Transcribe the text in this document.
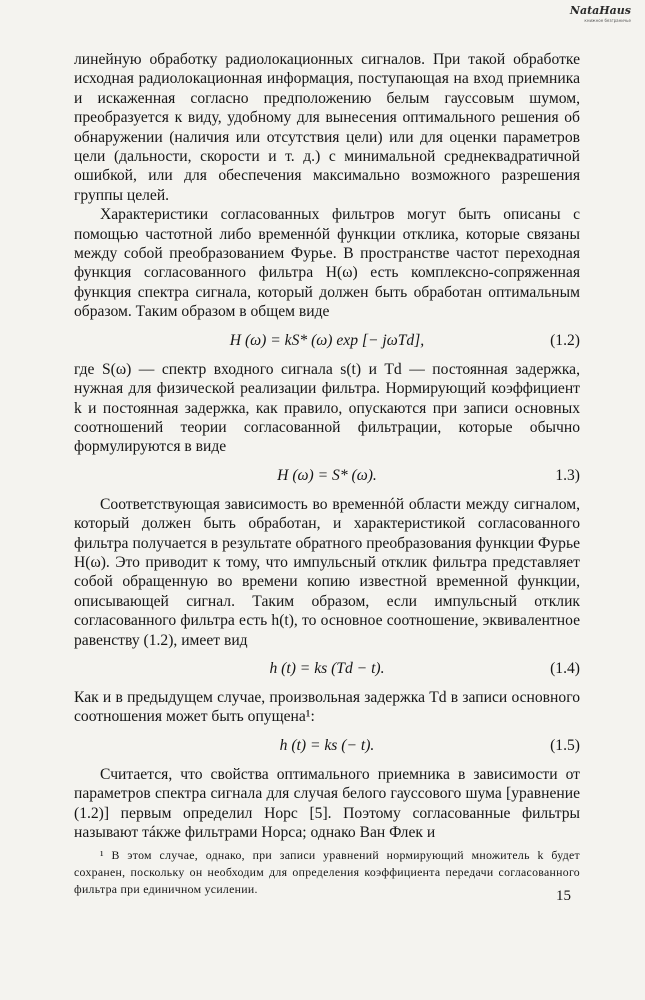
NataHaus
книжное безграничье

линейную обработку радиолокационных сигналов. При такой обработке исходная радиолокационная информация, поступающая на вход приемника и искаженная согласно предположению белым гауссовым шумом, преобразуется к виду, удобному для вынесения оптимального решения об обнаружении (наличия или отсутствия цели) или для оценки параметров цели (дальности, скорости и т. д.) с минимальной среднеквадратичной ошибкой, или для обеспечения максимально возможного разрешения группы целей.

Характеристики согласованных фильтров могут быть описаны с помощью частотной либо временнóй функции отклика, которые связаны между собой преобразованием Фурье. В пространстве частот переходная функция согласованного фильтра H(ω) есть комплексно-сопряженная функция спектра сигнала, который должен быть обработан оптимальным образом. Таким образом в общем виде

H (ω) = kS* (ω) exp [− jωTd],	(1.2)

где S(ω) — спектр входного сигнала s(t) и Td — постоянная задержка, нужная для физической реализации фильтра. Нормирующий коэффициент k и постоянная задержка, как правило, опускаются при записи основных соотношений теории согласованной фильтрации, которые обычно формулируются в виде

H (ω) = S* (ω).	1.3)

Соответствующая зависимость во временнóй области между сигналом, который должен быть обработан, и характеристикой согласованного фильтра получается в результате обратного преобразования функции Фурье H(ω). Это приводит к тому, что импульсный отклик фильтра представляет собой обращенную во времени копию известной временной функции, описывающей сигнал. Таким образом, если импульсный отклик согласованного фильтра есть h(t), то основное соотношение, эквивалентное равенству (1.2), имеет вид

h (t) = ks (Td − t).	(1.4)

Как и в предыдущем случае, произвольная задержка Td в записи основного соотношения может быть опущена¹:

h (t) = ks (− t).	(1.5)

Считается, что свойства оптимального приемника в зависимости от параметров спектра сигнала для случая белого гауссового шума [уравнение (1.2)] первым определил Норс [5]. Поэтому согласованные фильтры называют тáкже фильтрами Норса; однако Ван Флек и

¹ В этом случае, однако, при записи уравнений нормирующий множитель k будет сохранен, поскольку он необходим для определения коэффициента передачи согласованного фильтра при единичном усилении.	15
